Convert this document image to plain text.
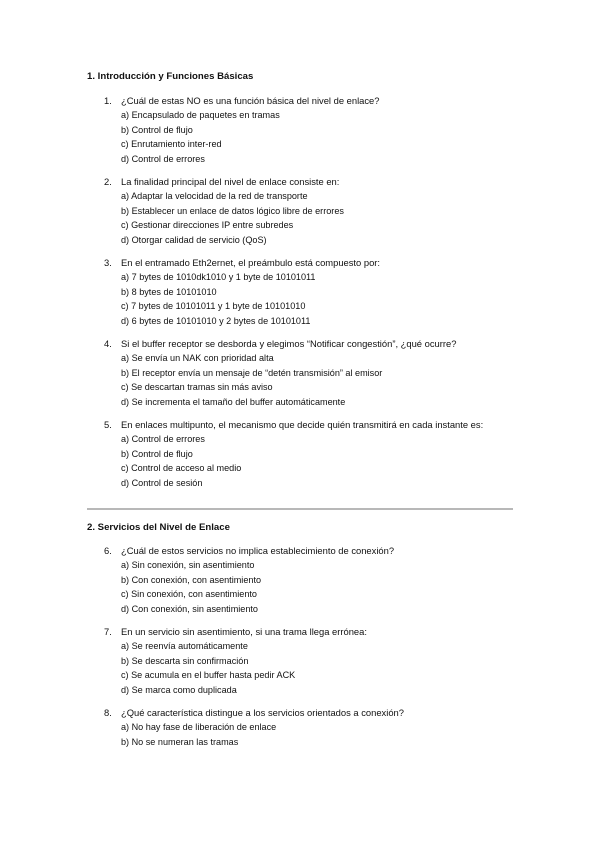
1. Introducción y Funciones Básicas
1. ¿Cuál de estas NO es una función básica del nivel de enlace?
a) Encapsulado de paquetes en tramas
b) Control de flujo
c) Enrutamiento inter-red
d) Control de errores
2. La finalidad principal del nivel de enlace consiste en:
a) Adaptar la velocidad de la red de transporte
b) Establecer un enlace de datos lógico libre de errores
c) Gestionar direcciones IP entre subredes
d) Otorgar calidad de servicio (QoS)
3. En el entramado Eth2ernet, el preámbulo está compuesto por:
a) 7 bytes de 1010dk1010 y 1 byte de 10101011
b) 8 bytes de 10101010
c) 7 bytes de 10101011 y 1 byte de 10101010
d) 6 bytes de 10101010 y 2 bytes de 10101011
4. Si el buffer receptor se desborda y elegimos “Notificar congestión”, ¿qué ocurre?
a) Se envía un NAK con prioridad alta
b) El receptor envía un mensaje de “detén transmisión” al emisor
c) Se descartan tramas sin más aviso
d) Se incrementa el tamaño del buffer automáticamente
5. En enlaces multipunto, el mecanismo que decide quién transmitirá en cada instante es:
a) Control de errores
b) Control de flujo
c) Control de acceso al medio
d) Control de sesión
2. Servicios del Nivel de Enlace
6. ¿Cuál de estos servicios no implica establecimiento de conexión?
a) Sin conexión, sin asentimiento
b) Con conexión, con asentimiento
c) Sin conexión, con asentimiento
d) Con conexión, sin asentimiento
7. En un servicio sin asentimiento, si una trama llega errónea:
a) Se reenvía automáticamente
b) Se descarta sin confirmación
c) Se acumula en el buffer hasta pedir ACK
d) Se marca como duplicada
8. ¿Qué característica distingue a los servicios orientados a conexión?
a) No hay fase de liberación de enlace
b) No se numeran las tramas
